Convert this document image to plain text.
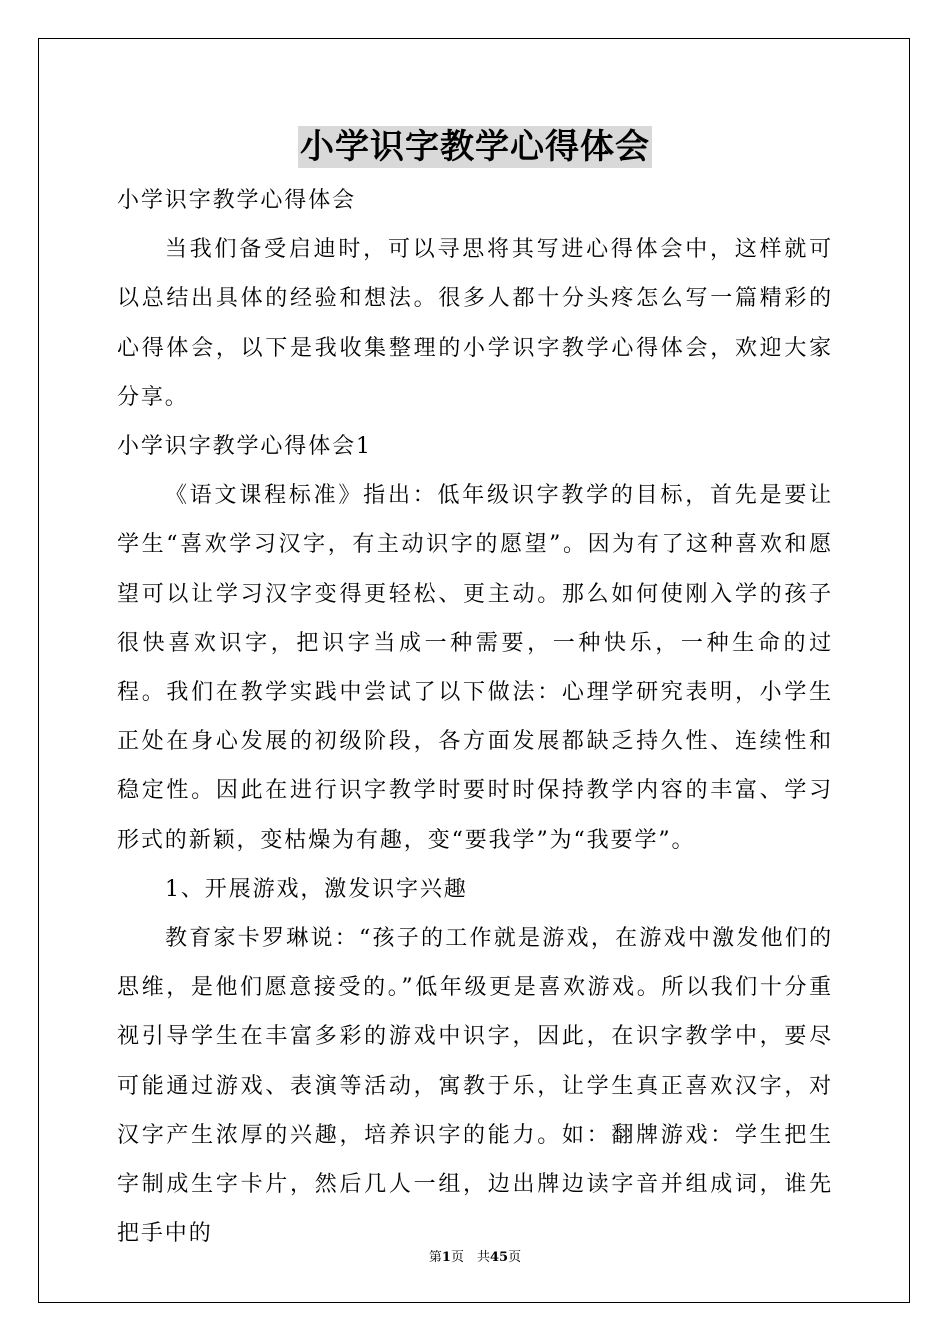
小学识字教学心得体会

小学识字教学心得体会

当我们备受启迪时，可以寻思将其写进心得体会中，这样就可以总结出具体的经验和想法。很多人都十分头疼怎么写一篇精彩的心得体会，以下是我收集整理的小学识字教学心得体会，欢迎大家分享。

小学识字教学心得体会1

《语文课程标准》指出：低年级识字教学的目标，首先是要让学生“喜欢学习汉字，有主动识字的愿望”。因为有了这种喜欢和愿望可以让学习汉字变得更轻松、更主动。那么如何使刚入学的孩子很快喜欢识字，把识字当成一种需要，一种快乐，一种生命的过程。我们在教学实践中尝试了以下做法：心理学研究表明，小学生正处在身心发展的初级阶段，各方面发展都缺乏持久性、连续性和稳定性。因此在进行识字教学时要时时保持教学内容的丰富、学习形式的新颖，变枯燥为有趣，变“要我学”为“我要学”。

1、开展游戏，激发识字兴趣

教育家卡罗琳说：“孩子的工作就是游戏，在游戏中激发他们的思维，是他们愿意接受的。”低年级更是喜欢游戏。所以我们十分重视引导学生在丰富多彩的游戏中识字，因此，在识字教学中，要尽可能通过游戏、表演等活动，寓教于乐，让学生真正喜欢汉字，对汉字产生浓厚的兴趣，培养识字的能力。如：翻牌游戏：学生把生字制成生字卡片，然后几人一组，边出牌边读字音并组成词，谁先把手中的

第1页　共45页
